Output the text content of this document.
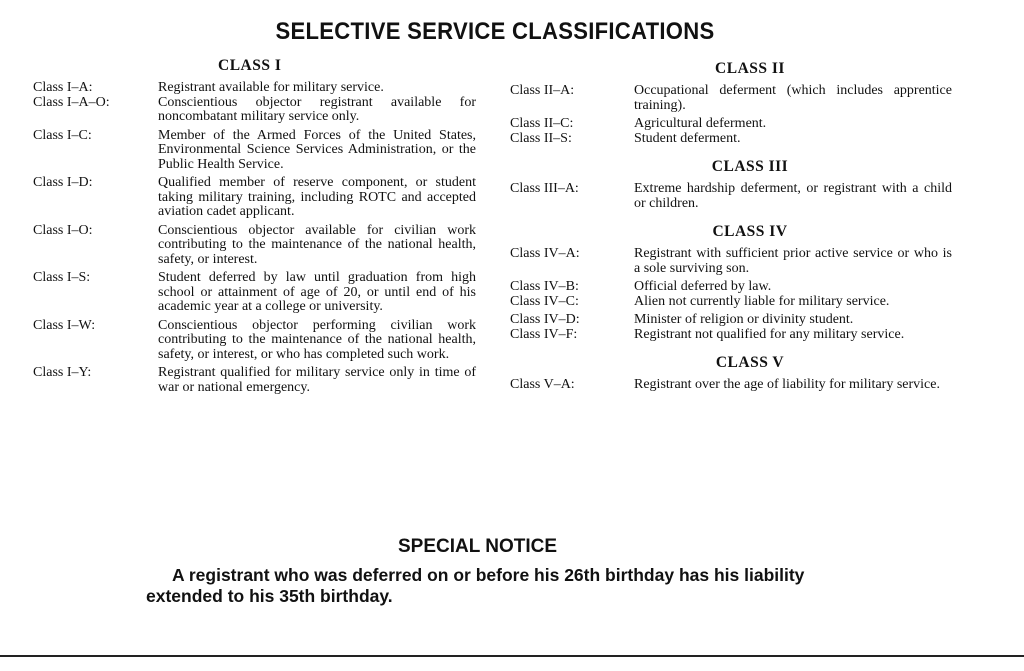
SELECTIVE SERVICE CLASSIFICATIONS
CLASS I
Class I–A:	Registrant available for military service.
Class I–A–O:	Conscientious objector registrant available for noncombatant military service only.
Class I–C:	Member of the Armed Forces of the United States, Environmental Science Services Administration, or the Public Health Service.
Class I–D:	Qualified member of reserve component, or student taking military training, including ROTC and accepted aviation cadet applicant.
Class I–O:	Conscientious objector available for civilian work contributing to the maintenance of the national health, safety, or interest.
Class I–S:	Student deferred by law until graduation from high school or attainment of age of 20, or until end of his academic year at a college or university.
Class I–W:	Conscientious objector performing civilian work contributing to the maintenance of the national health, safety, or interest, or who has completed such work.
Class I–Y:	Registrant qualified for military service only in time of war or national emergency.
CLASS II
Class II–A:	Occupational deferment (which includes apprentice training).
Class II–C:	Agricultural deferment.
Class II–S:	Student deferment.
CLASS III
Class III–A:	Extreme hardship deferment, or registrant with a child or children.
CLASS IV
Class IV–A:	Registrant with sufficient prior active service or who is a sole surviving son.
Class IV–B:	Official deferred by law.
Class IV–C:	Alien not currently liable for military service.
Class IV–D:	Minister of religion or divinity student.
Class IV–F:	Registrant not qualified for any military service.
CLASS V
Class V–A:	Registrant over the age of liability for military service.
SPECIAL NOTICE
A registrant who was deferred on or before his 26th birthday has his liability extended to his 35th birthday.
